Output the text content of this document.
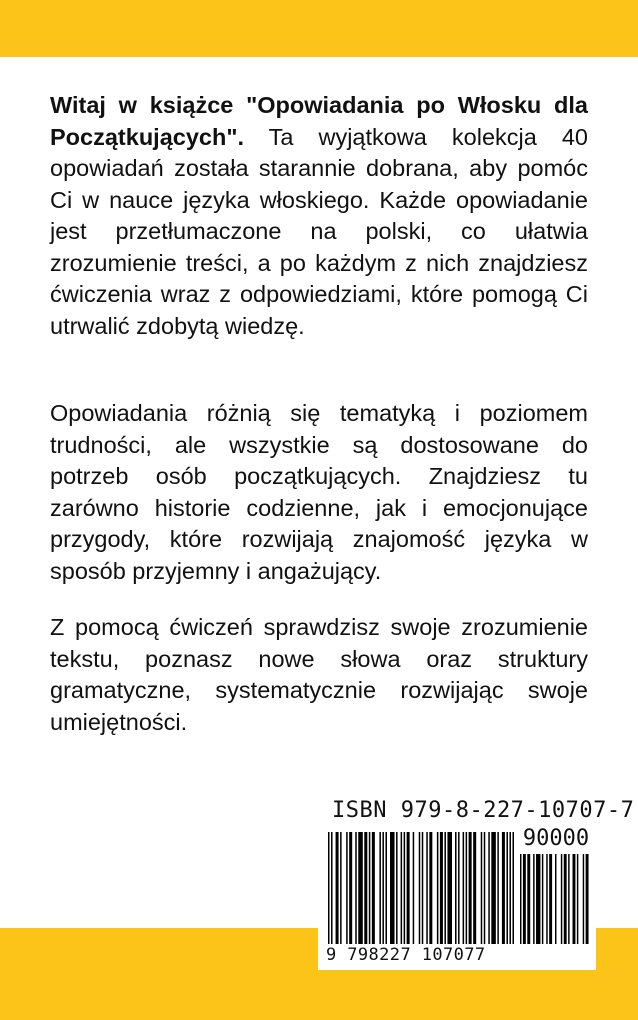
Witaj w książce "Opowiadania po Włosku dla Początkujących". Ta wyjątkowa kolekcja 40 opowiadań została starannie dobrana, aby pomóc Ci w nauce języka włoskiego. Każde opowiadanie jest przetłumaczone na polski, co ułatwia zrozumienie treści, a po każdym z nich znajdziesz ćwiczenia wraz z odpowiedziami, które pomogą Ci utrwalić zdobytą wiedzę.

Opowiadania różnią się tematyką i poziomem trudności, ale wszystkie są dostosowane do potrzeb osób początkujących. Znajdziesz tu zarówno historie codzienne, jak i emocjonujące przygody, które rozwijają znajomość języka w sposób przyjemny i angażujący.

Z pomocą ćwiczeń sprawdzisz swoje zrozumienie tekstu, poznasz nowe słowa oraz struktury gramatyczne, systematycznie rozwijając swoje umiejętności.

ISBN 979-8-227-10707-7
90000
9 798227 107077
